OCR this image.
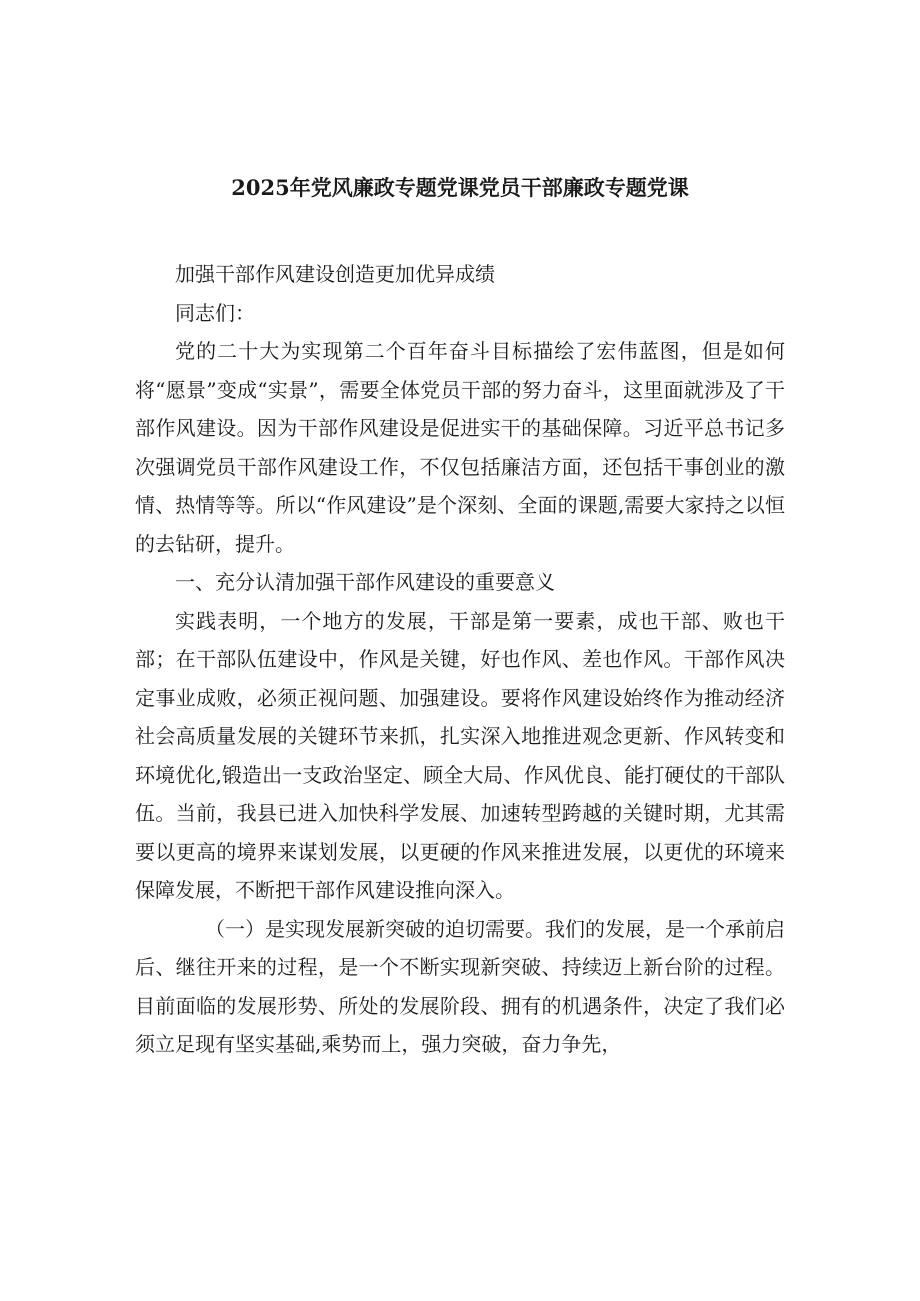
2025年党风廉政专题党课党员干部廉政专题党课

加强干部作风建设创造更加优异成绩

同志们：

党的二十大为实现第二个百年奋斗目标描绘了宏伟蓝图，但是如何将“愿景”变成“实景”，需要全体党员干部的努力奋斗，这里面就涉及了干部作风建设。因为干部作风建设是促进实干的基础保障。习近平总书记多次强调党员干部作风建设工作，不仅包括廉洁方面，还包括干事创业的激情、热情等等。所以“作风建设”是个深刻、全面的课题,需要大家持之以恒的去钻研，提升。

一、充分认清加强干部作风建设的重要意义

实践表明，一个地方的发展，干部是第一要素，成也干部、败也干部；在干部队伍建设中，作风是关键，好也作风、差也作风。干部作风决定事业成败，必须正视问题、加强建设。要将作风建设始终作为推动经济社会高质量发展的关键环节来抓，扎实深入地推进观念更新、作风转变和环境优化,锻造出一支政治坚定、顾全大局、作风优良、能打硬仗的干部队伍。当前，我县已进入加快科学发展、加速转型跨越的关键时期，尤其需要以更高的境界来谋划发展，以更硬的作风来推进发展，以更优的环境来保障发展，不断把干部作风建设推向深入。

（一）是实现发展新突破的迫切需要。我们的发展，是一个承前启后、继往开来的过程，是一个不断实现新突破、持续迈上新台阶的过程。目前面临的发展形势、所处的发展阶段、拥有的机遇条件，决定了我们必须立足现有坚实基础,乘势而上，强力突破，奋力争先，
